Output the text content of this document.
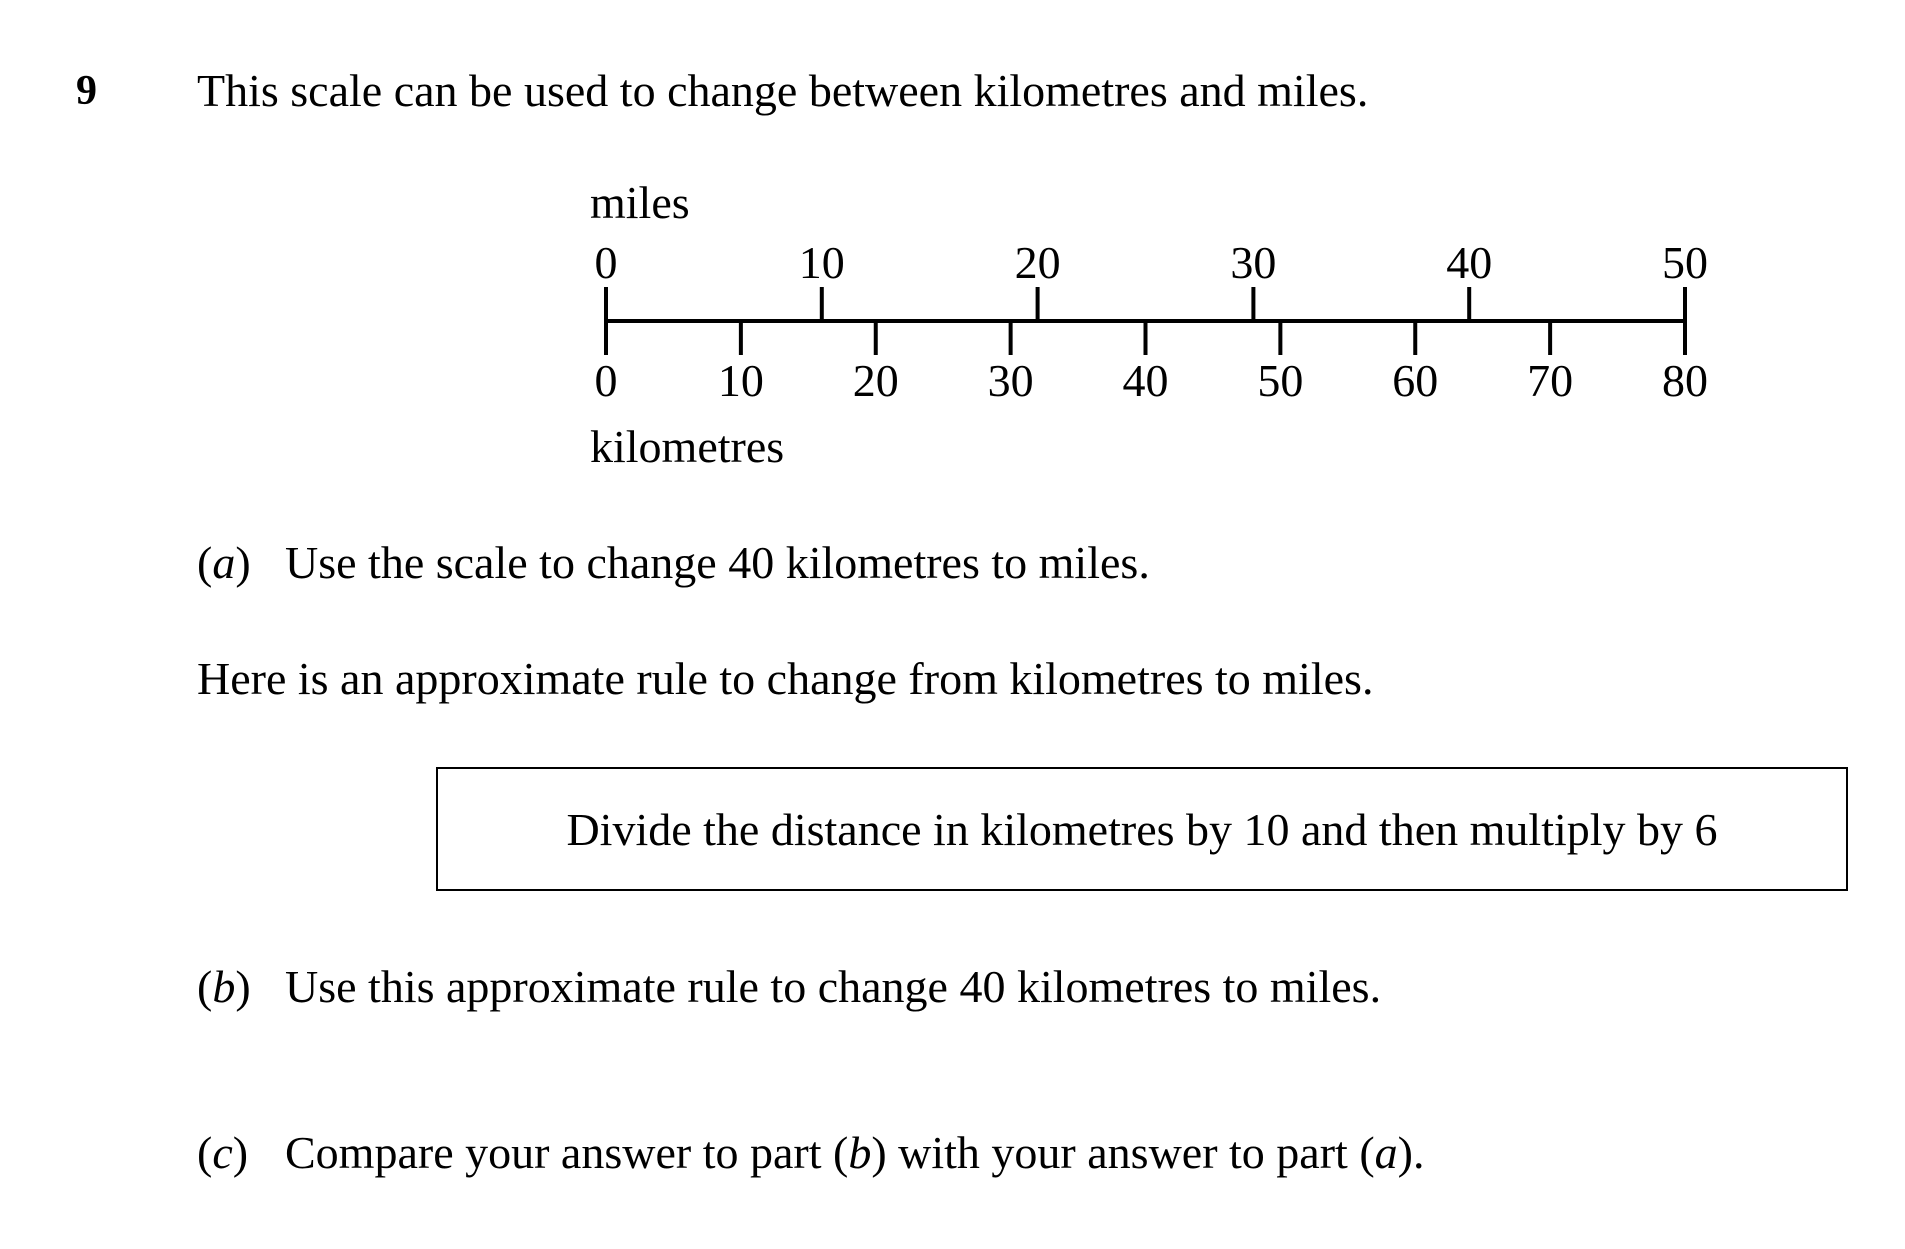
9 This scale can be used to change between kilometres and miles.
miles
kilometres
0	10	20	30	40	50
0 10 20 30 40 50 60 70 80
(a) Use the scale to change 40 kilometres to miles.
Here is an approximate rule to change from kilometres to miles.
Divide the distance in kilometres by 10 and then multiply by 6
(b) Use this approximate rule to change 40 kilometres to miles.
(c) Compare your answer to part (b) with your answer to part (a).
